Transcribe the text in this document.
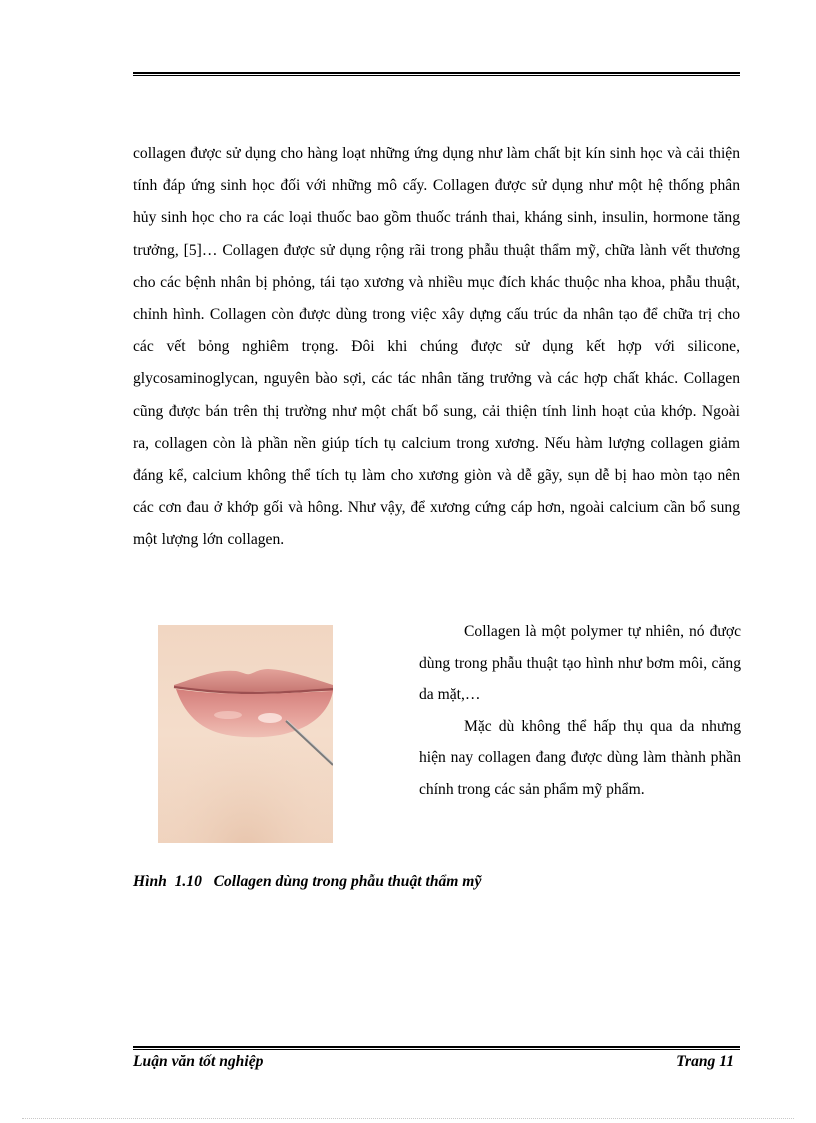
collagen được sử dụng cho hàng loạt những ứng dụng như làm chất bịt kín sinh học và cải thiện tính đáp ứng sinh học đối với những mô cấy. Collagen được sử dụng như một hệ thống phân hủy sinh học cho ra các loại thuốc bao gồm thuốc tránh thai, kháng sinh, insulin, hormone tăng trưởng, [5]… Collagen được sử dụng rộng rãi trong phẫu thuật thẩm mỹ, chữa lành vết thương cho các bệnh nhân bị phỏng, tái tạo xương và nhiều mục đích khác thuộc nha khoa, phẫu thuật, chỉnh hình. Collagen còn được dùng trong việc xây dựng cấu trúc da nhân tạo để chữa trị cho các vết bỏng nghiêm trọng. Đôi khi chúng được sử dụng kết hợp với silicone, glycosaminoglycan, nguyên bào sợi, các tác nhân tăng trưởng và các hợp chất khác. Collagen cũng được bán trên thị trường như một chất bổ sung, cải thiện tính linh hoạt của khớp. Ngoài ra, collagen còn là phần nền giúp tích tụ calcium trong xương. Nếu hàm lượng collagen giảm đáng kể, calcium không thể tích tụ làm cho xương giòn và dễ gãy, sụn dễ bị hao mòn tạo nên các cơn đau ở khớp gối và hông. Như vậy, để xương cứng cáp hơn, ngoài calcium cần bổ sung một lượng lớn collagen.

Collagen là một polymer tự nhiên, nó được dùng trong phẫu thuật tạo hình như bơm môi, căng da mặt,…

Mặc dù không thể hấp thụ qua da nhưng hiện nay collagen đang được dùng làm thành phần chính trong các sản phẩm mỹ phẩm.

Hình  1.10   Collagen dùng trong phẫu thuật thẩm mỹ
Luận văn tốt nghiệp	Trang 11
